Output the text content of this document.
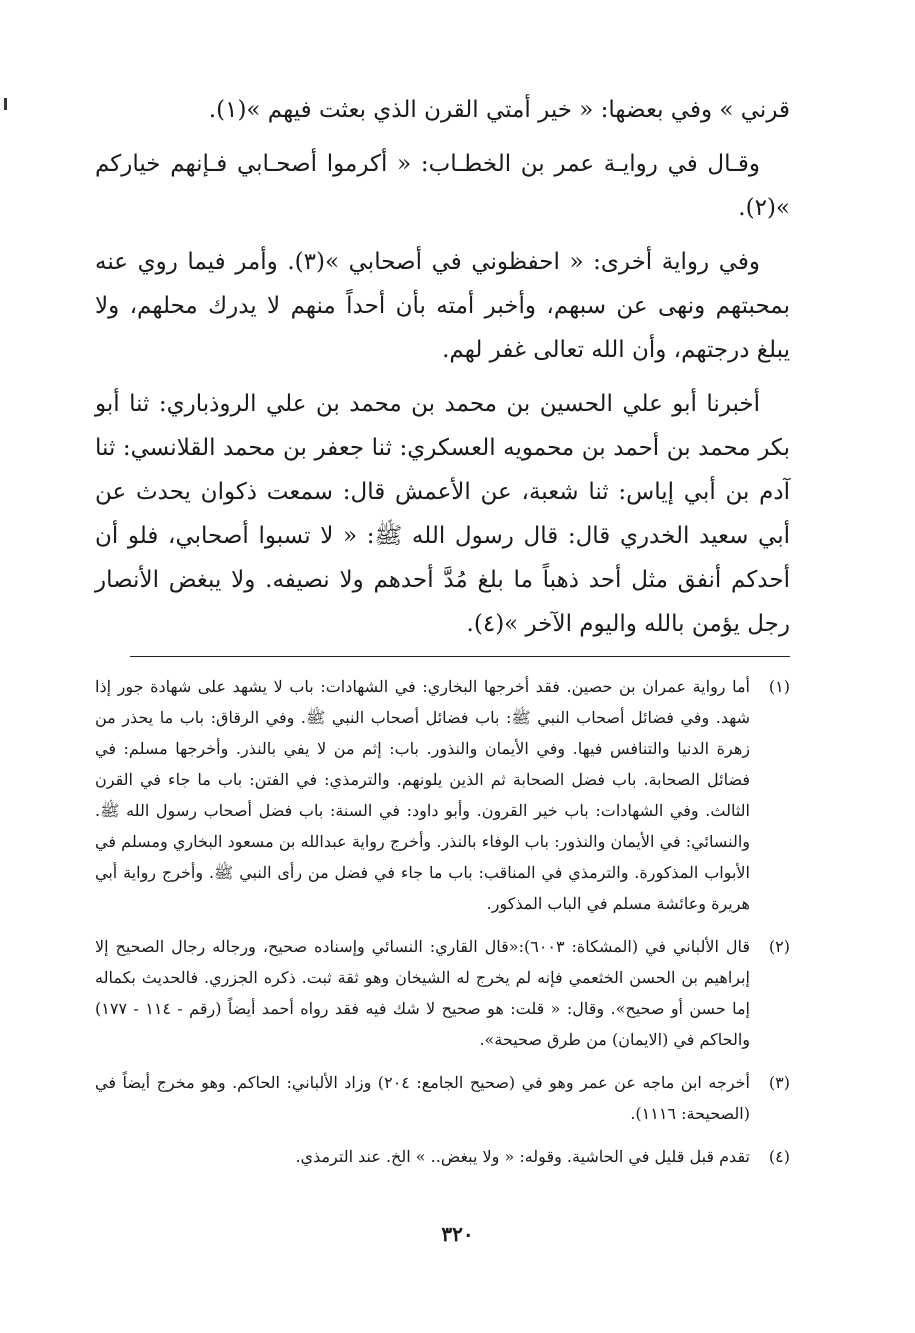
قرني » وفي بعضها: « خير أمتي القرن الذي بعثت فيهم »(١).

وقـال في روايـة عمر بن الخطـاب: « أكرموا أصحـابي فـإنهم خياركم »(٢).

وفي رواية أخرى: « احفظوني في أصحابي »(٣). وأمر فيما روي عنه بمحبتهم ونهى عن سبهم، وأخبر أمته بأن أحداً منهم لا يدرك محلهم، ولا يبلغ درجتهم، وأن الله تعالى غفر لهم.

أخبرنا أبو علي الحسين بن محمد بن محمد بن علي الروذباري: ثنا أبو بكر محمد بن أحمد بن محمويه العسكري: ثنا جعفر بن محمد القلانسي: ثنا آدم بن أبي إياس: ثنا شعبة، عن الأعمش قال: سمعت ذكوان يحدث عن أبي سعيد الخدري قال: قال رسول الله ﷺ: « لا تسبوا أصحابي، فلو أن أحدكم أنفق مثل أحد ذهباً ما بلغ مُدَّ أحدهم ولا نصيفه. ولا يبغض الأنصار رجل يؤمن بالله واليوم الآخر »(٤).

(١)
أما رواية عمران بن حصين. فقد أخرجها البخاري: في الشهادات: باب لا يشهد على شهادة جور إذا شهد. وفي فضائل أصحاب النبي ﷺ: باب فضائل أصحاب النبي ﷺ. وفي الرقاق: باب ما يحذر من زهرة الدنيا والتنافس فيها. وفي الأيمان والنذور. باب: إثم من لا يفي بالنذر. وأخرجها مسلم: في فضائل الصحابة. باب فضل الصحابة ثم الذين يلونهم. والترمذي: في الفتن: باب ما جاء في القرن الثالث. وفي الشهادات: باب خير القرون. وأبو داود: في السنة: باب فضل أصحاب رسول الله ﷺ. والنسائي: في الأيمان والنذور: باب الوفاء بالنذر. وأخرج رواية عبدالله بن مسعود البخاري ومسلم في الأبواب المذكورة. والترمذي في المناقب: باب ما جاء في فضل من رأى النبي ﷺ. وأخرج رواية أبي هريرة وعائشة مسلم في الباب المذكور.
(٢)
قال الألباني في (المشكاة: ٦٠٠٣):«قال القاري: النسائي وإسناده صحيح، ورجاله رجال الصحيح إلا إبراهيم بن الحسن الخثعمي فإنه لم يخرج له الشيخان وهو ثقة ثبت. ذكره الجزري. فالحديث بكماله إما حسن أو صحيح». وقال: « قلت: هو صحيح لا شك فيه فقد رواه أحمد أيضاً (رقم - ١١٤ - ١٧٧) والحاكم في (الايمان) من طرق صحيحة».
(٣)
أخرجه ابن ماجه عن عمر وهو في (صحيح الجامع: ٢٠٤) وزاد الألباني: الحاكم. وهو مخرج أيضاً في (الصحيحة: ١١١٦).
(٤)
تقدم قبل قليل في الحاشية. وقوله: « ولا يبغض.. » الخ. عند الترمذي.
٣٢٠
